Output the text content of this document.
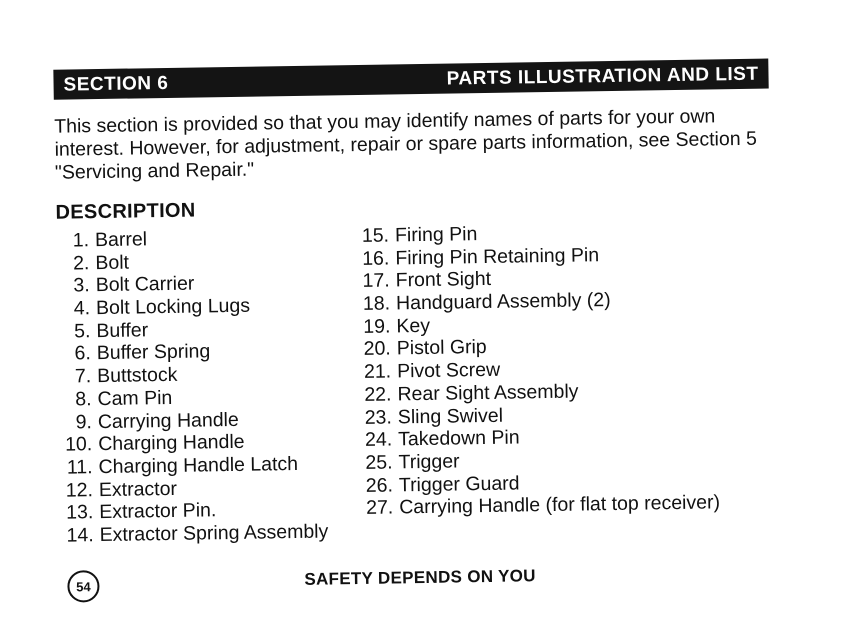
SECTION 6	PARTS ILLUSTRATION AND LIST

This section is provided so that you may identify names of parts for your own interest. However, for adjustment, repair or spare parts information, see Section 5 "Servicing and Repair."

DESCRIPTION
1. Barrel
2. Bolt
3. Bolt Carrier
4. Bolt Locking Lugs
5. Buffer
6. Buffer Spring
7. Buttstock
8. Cam Pin
9. Carrying Handle
10. Charging Handle
11. Charging Handle Latch
12. Extractor
13. Extractor Pin.
14. Extractor Spring Assembly
15. Firing Pin
16. Firing Pin Retaining Pin
17. Front Sight
18. Handguard Assembly (2)
19. Key
20. Pistol Grip
21. Pivot Screw
22. Rear Sight Assembly
23. Sling Swivel
24. Takedown Pin
25. Trigger
26. Trigger Guard
27. Carrying Handle (for flat top receiver)
54	SAFETY DEPENDS ON YOU
